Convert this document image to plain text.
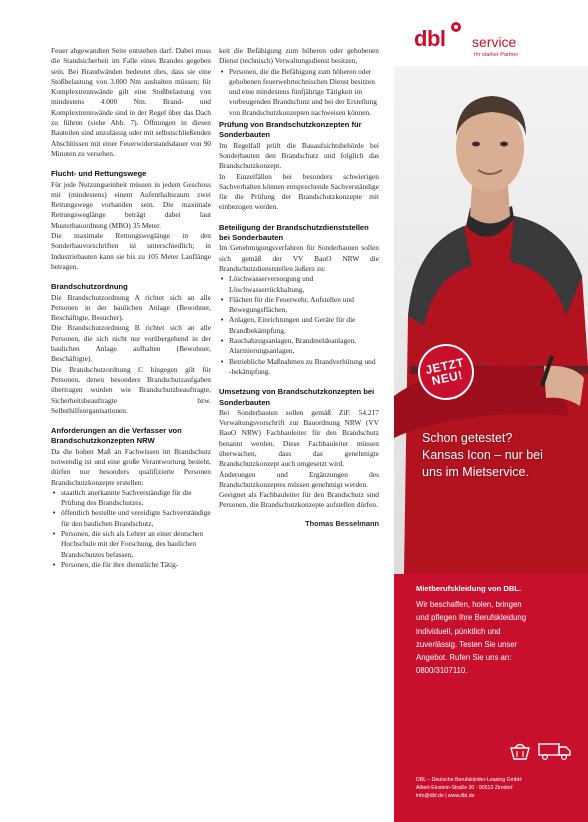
Feuer abgewandten Seite entstehen darf. Dabei muss die Standsicherheit im Falle eines Brandes gegeben sein. Bei Brandwänden bedeutet dies, dass sie eine Stoßbelastung von 3.000 Nm aushalten müssen; für Komplextrennwände gilt eine Stoßbelastung von mindestens 4.000 Nm. Brand- und Komplextrennwände sind in der Regel über das Dach zu führen (siehe Abb. 7). Öffnungen in diesen Bauteilen sind unzulässig oder mit selbstschließenden Abschlüssen mit einer Feuerwiderstandsdauer von 90 Minuten zu versehen.

Flucht- und Rettungswege

Für jede Nutzungseinheit müssen in jedem Geschoss mit (mindestens) einem Aufenthaltsraum zwei Rettungswege vorhanden sein. Die maximale Rettungsweglänge beträgt dabei laut Musterbauordnung (MBO) 35 Meter.

Die maximale Rettungsweglänge in den Sonderbauvorschriften ist unterschiedlich; in Industriebauten kann sie bis zu 105 Meter Lauflänge betragen.

Brandschutzordnung

Die Brandschutzordnung A richtet sich an alle Personen in der baulichen Anlage (Bewohner, Beschäftigte, Besucher).

Die Brandschutzordnung B richtet sich an alle Personen, die sich nicht nur vorübergehend in der baulichen Anlage aufhalten (Bewohner, Beschäftigte).

Die Brandschutzordnung C hingegen gilt für Personen, denen besondere Brandschutzaufgaben übertragen wurden wie Brandschutzbeauftragte, Sicherheitsbeauftragte bzw. Selbsthilfeorganisationen.

Anforderungen an die Verfasser von Brandschutzkonzepten NRW

Da die hohen Maß an Fachwissen im Brandschutz notwendig ist und eine große Verantwortung besteht, dürfen nur besonders qualifizierte Personen Brandschutzkonzepte erstellen:

• staatlich anerkannte Sachverständige für die Prüfung des Brandschutzes,
• öffentlich bestellte und vereidigte Sachverständige für den baulichen Brandschutz,
• Personen, die sich als Lehrer an einer deutschen Hochschule mit der Forschung, des baulichen Brandschutzes befassen,
• Personen, die für ihre dienstliche Tätig-

keit die Befähigung zum höheren oder gehobenen Dienst (technisch) Verwaltungsdienst besitzen,

• Personen, die die Befähigung zum höheren oder gehobenen feuerwehrtechnischen Dienst besitzen und eine mindestens fünfjährige Tätigkeit im vorbeugenden Brandschutz und bei der Erstellung von Brandschutzkonzepten nachweisen können.
Prüfung von Brandschutzkonzepten für Sonderbauten

Im Regelfall prüft die Bauaufsichtsbehörde bei Sonderbauten den Brandschutz und folglich das Brandschutzkonzept.

In Einzelfällen bei besonders schwierigen Sachverhalten können entsprechende Sachverständige für die Prüfung der Brandschutzkonzepte mit einbezogen werden.

Beteiligung der Brandschutzdienststellen bei Sonderbauten

Im Genehmigungsverfahren für Sonderbauten sollen sich gemäß der VV BauO NRW die Brandschutzdienststellen äußern zu:

• Löschwasserversorgung und Löschwasserrückhaltung,
• Flächen für die Feuerwehr, Aufstellen und Bewegungsflächen,
• Anlagen, Einrichtungen und Geräte für die Brandbekämpfung,
• Rauchabzugsanlagen, Brandmeldeanlagen, Alarmierungsanlagen,
• Betriebliche Maßnahmen zu Brandverhütung und -bekämpfung.
Umsetzung von Brandschutzkonzepten bei Sonderbauten

Bei Sonderbauten sollen gemäß ZiF. 54.217 Verwaltungsvorschrift zur Bauordnung NRW (VV BauO NRW) Fachbauleiter für den Brandschutz benannt werden. Diese Fachbauleiter müssen überwachen, dass das genehmigte Brandschutzkonzept auch umgesetzt wird.

Änderungen und Ergänzungen des Brandschutzkonzeptes müssen genehmigt werden.

Geeignet als Fachbauleiter für den Brandschutz sind Personen, die Brandschutzkonzepte aufstellen dürfen.

Thomas Besselmann
dbl service
Ihr starker Partner
JETZT
NEU!
Schon getestet?
Kansas Icon – nur bei
uns im Mietservice.
Mietberufskleidung von DBL.
Wir beschaffen, holen, bringen
und pflegen Ihre Berufskleidung
individuell, pünktlich und
zuverlässig. Testen Sie unser
Angebot. Rufen Sie uns an:
0800/3107110.
DBL – Deutsche Berufskleider-Leasing GmbH
Albert-Einstein-Straße 30 · 90513 Zirndorf
info@dbl.de | www.dbl.de
